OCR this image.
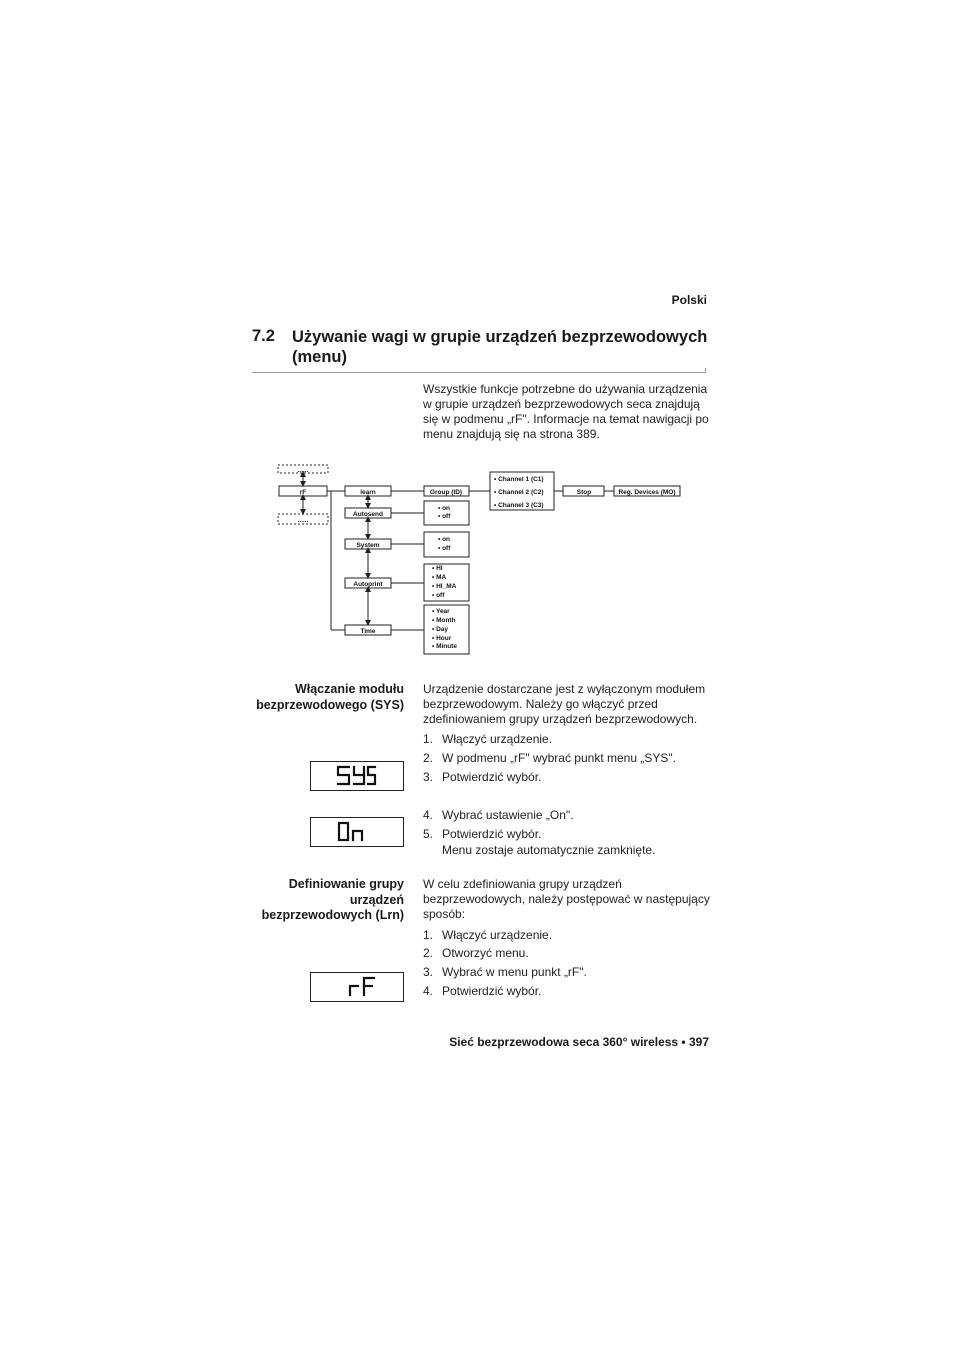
Polski
7.2 Używanie wagi w grupie urządzeń bezprzewodowych (menu)
Wszystkie funkcje potrzebne do używania urządzenia w grupie urządzeń bezprzewodowych seca znajdują się w podmenu „rF". Informacje na temat nawigacji po menu znajdują się na strona 389.
rF
......
......
learn
Autosend
System
Autoprint
Time
Group (ID)
• Channel 1 (C1)
• Channel 2 (C2)
• Channel 3 (C3)
Stop	Reg. Devices (MO)
• on
• off
• on
• off
• HI
• MA
• HI_MA
• off
• Year
• Month
• Day
• Hour
• Minute
Włączanie modułu bezprzewodowego (SYS)
Urządzenie dostarczane jest z wyłączonym modułem bezprzewodowym. Należy go włączyć przed zdefiniowaniem grupy urządzeń bezprzewodowych.
1. Włączyć urządzenie.
2. W podmenu „rF" wybrać punkt menu „SYS".
3. Potwierdzić wybór.
4. Wybrać ustawienie „On".
5. Potwierdzić wybór.
Menu zostaje automatycznie zamknięte.
Definiowanie grupy urządzeń bezprzewodowych (Lrn)
W celu zdefiniowania grupy urządzeń bezprzewodowych, należy postępować w następujący sposób:
1. Włączyć urządzenie.
2. Otworzyć menu.
3. Wybrać w menu punkt „rF".
4. Potwierdzić wybór.
Sieć bezprzewodowa seca 360° wireless • 397
